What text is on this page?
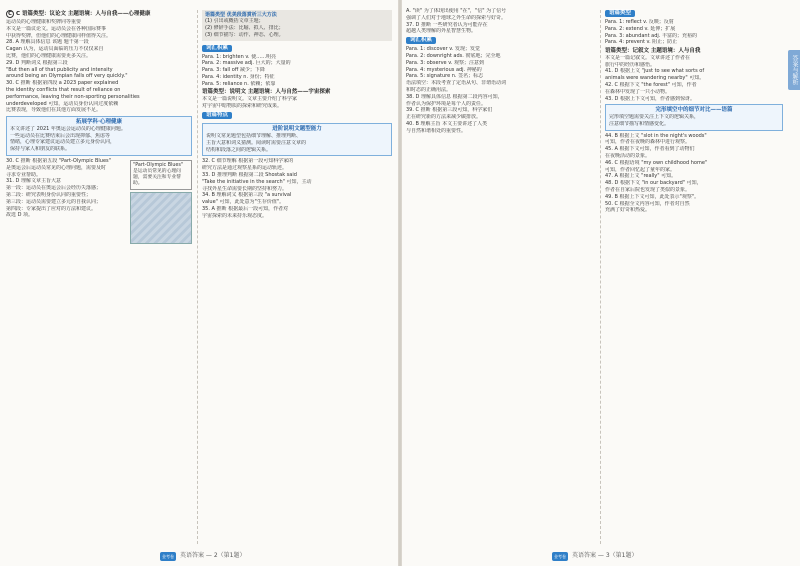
C C 语篇类型：议论文 主题语境：人与自我——心理健康
运动员的心理健康和奖牌同等重要
本文是一篇议论文。运动员会在各种国际赛事
中获得奖牌，但他们的心理健康同样值得关注。
28. A 理解具体信息 该题 题干第一段
Cagan 认为，运动员面临的压力不仅仅来自
比赛，他们的心理健康需要更多关注。
29. D 判断词义 根据第三段
"But then all of that publicity and intensity
around being an Olympian falls off very quickly."
30. C 推断 根据第四段 a 2023 paper explained
the identity conflicts that result of reliance on
performance, leaving their non-sporting personalities
underdeveloped 可知，运动员身份认同过度依赖
比赛表现，导致他们在其他方面发展不足。
拓展学科·心理健康
本文讲述了 2021 年奥运会运动员的心理健康问题。
一些运动员在比赛结束后会出现抑郁、焦虑等
情绪，心理专家建议运动员建立多元身份认同，
保持与家人和朋友的联系。
30. C 推断 根据第五段 "Part-Olympic Blues"
是奥运会后运动员常见的心理问题，需要及时
寻求专业帮助。
31. D 理解文章主旨大意
第一段：运动员在奥运会后会经历失落感；
第二段：研究表明身份认同的重要性；
第三段：运动员需要建立多元的自我认同；
第四段：专家提出了应对的方法和建议。
故选 D 项。
"Part-Olympic Blues" 是运动员常见的心理问题，需要关注和专业帮助。
语篇类型 优美段落赏析三大方法
(1) 引出或概括文章主题；
(2) 修辞手法：比喻、拟人、排比；
(3) 细节描写：动作、神态、心理。
词汇积累
Para. 1: brighten v. 使……明亮
Para. 2: massive adj. 巨大的；大量的
Para. 3: fall off 减少；下降
Para. 4: identity n. 身份；特征
Para. 5: reliance n. 依赖；依靠
语篇类型：说明文 主题语境：人与自然——宇宙探索
本文是一篇说明文。文章主要介绍了科学家
对宇宙中暗物质的探索和研究成果。
语篇特点
进阶说明文题型能力
说明文常见题型包括细节理解、推理判断、
主旨大意和词义猜测。阅读时需要注意文章的
结构和段落之间的逻辑关系。
32. C 细节理解 根据第一段可知科学家的
研究方法是通过观察星系的运动轨迹。
33. D 推理判断 根据第二段 Shostak said
"Take the initiative in the search" 可知，主动
寻找外星生命需要长期的坚持和努力。
34. B 理解词义 根据第三段 "a survival
value" 可知，此处意为"生存价值"。
35. A 推断 根据最后一段可知，作者对
宇宙探索的未来持乐观态度。
金考卷	英语答案 — 2（第1题）
A. "读" 为了体现出使用 "在"，"信" 为了信号
强调了人们对于地球之外生命的探索与好奇。
37. D 推断 一些研究者认为可能存在
超越人类理解的外星智慧生物。
词汇积累
Para. 1: discover v. 发现；发觉
Para. 2: downright ads. 彻底地；完全地
Para. 3: observe v. 观察；注意到
Para. 4: mysterious adj. 神秘的
Para. 5: signature n. 签名；标志
语法填空：本段考查了定语从句、非谓语动词
和时态的正确用法。
38. D 理解具体信息 根据第二段内容可知，
作者认为保护环境是每个人的责任。
39. C 推断 根据第三段可知，科学家们
正在研究新的方法来减少碳排放。
40. B 理解主旨 本文主要讲述了人类
与自然和谐相处的重要性。
语篇类型
Para. 1: reflect v. 反映；反射
Para. 2: extend v. 延伸；扩展
Para. 3: abundant adj. 丰富的；充裕的
Para. 4: prevent v. 阻止；防止
语篇类型：记叙文 主题语境：人与自我
本文是一篇记叙文。文章讲述了作者在
旅行中的经历和感悟。
41. D 根据上文 "just to see what sorts of
animals were wandering nearby" 可知。
42. C 根据下文 "the forest" 可知，作者
在森林中发现了一只小动物。
43. D 根据上下文可知，作者感到惊讶。
完形填空中的细节对比——语篇
完形填空题需要关注上下文的逻辑关系，
注意细节描写和情感变化。
44. B 根据上文 "slot in the night's woods"
可知，作者在夜晚的森林中进行观察。
45. A 根据下文可知，作者看到了动物们
在夜晚活动的景象。
46. C 根据语境 "my own childhood home"
可知，作者回忆起了童年的家。
47. A 根据上文 "really" 可知。
48. D 根据下文 "in our backyard" 可知，
作者在自家后院也发现了类似的景象。
49. B 根据上下文可知，此处表示"观察"。
50. C 根据全文内容可知，作者对自然
充满了好奇和热爱。
答案与解析
金考卷	英语答案 — 3（第1题）
